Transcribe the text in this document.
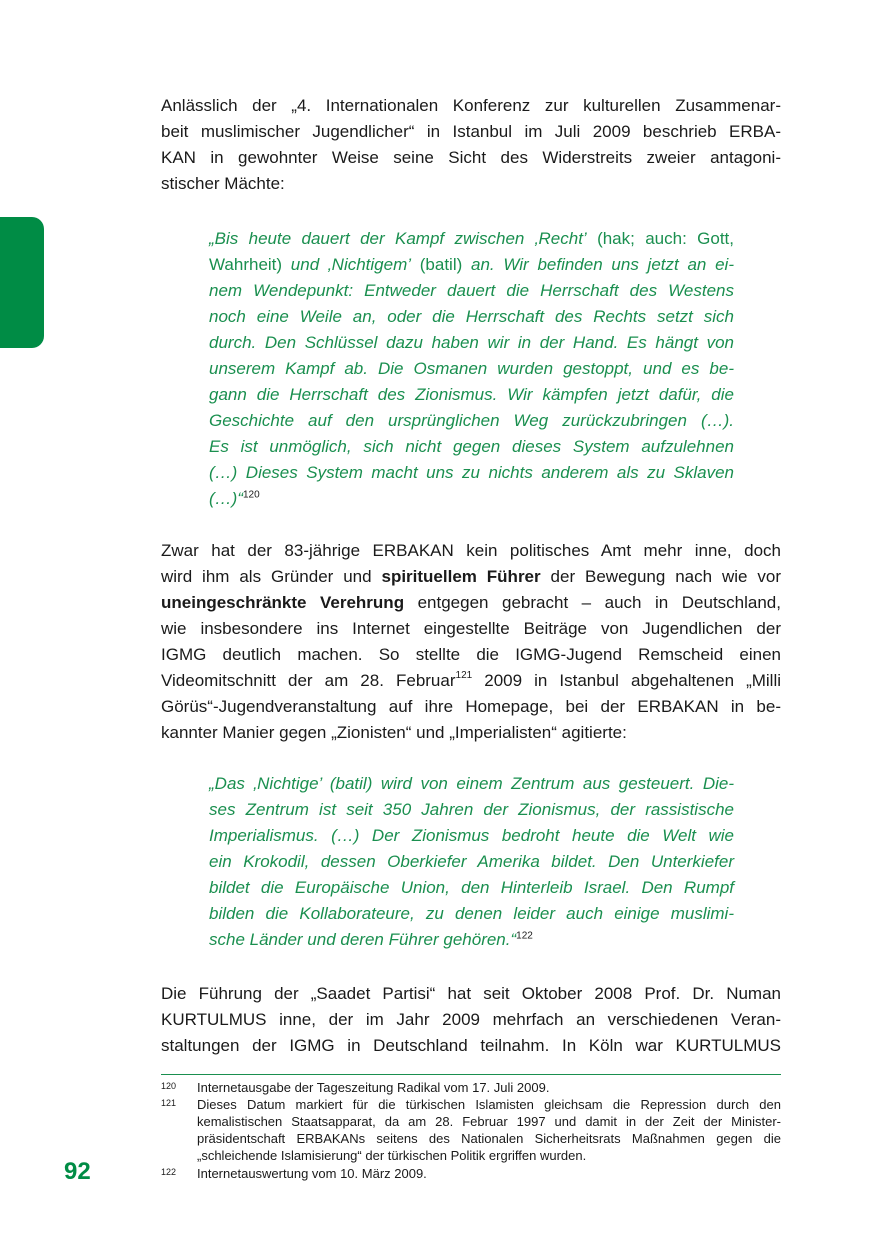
Anlässlich der „4. Internationalen Konferenz zur kulturellen Zusammenar-
beit muslimischer Jugendlicher“ in Istanbul im Juli 2009 beschrieb ERBA-
KAN in gewohnter Weise seine Sicht des Widerstreits zweier antagoni-
stischer Mächte:
„Bis heute dauert der Kampf zwischen ‚Recht’ (hak; auch: Gott,
Wahrheit) und ‚Nichtigem’ (batil) an. Wir befinden uns jetzt an ei-
nem Wendepunkt: Entweder dauert die Herrschaft des Westens
noch eine Weile an, oder die Herrschaft des Rechts setzt sich
durch. Den Schlüssel dazu haben wir in der Hand. Es hängt von
unserem Kampf ab. Die Osmanen wurden gestoppt, und es be-
gann die Herrschaft des Zionismus. Wir kämpfen jetzt dafür, die
Geschichte auf den ursprünglichen Weg zurückzubringen (…).
Es ist unmöglich, sich nicht gegen dieses System aufzulehnen
(…) Dieses System macht uns zu nichts anderem als zu Sklaven
(…)“$^{120}$
Zwar hat der 83-jährige ERBAKAN kein politisches Amt mehr inne, doch
wird ihm als Gründer und spirituellem Führer der Bewegung nach wie vor
uneingeschränkte Verehrung entgegen gebracht – auch in Deutschland,
wie insbesondere ins Internet eingestellte Beiträge von Jugendlichen der
IGMG deutlich machen. So stellte die IGMG-Jugend Remscheid einen
Videomitschnitt der am 28. Februar$^{121}$ 2009 in Istanbul abgehaltenen „Milli
Görüs“-Jugendveranstaltung auf ihre Homepage, bei der ERBAKAN in be-
kannter Manier gegen „Zionisten“ und „Imperialisten“ agitierte:
„Das ‚Nichtige’ (batil) wird von einem Zentrum aus gesteuert. Die-
ses Zentrum ist seit 350 Jahren der Zionismus, der rassistische
Imperialismus. (…) Der Zionismus bedroht heute die Welt wie
ein Krokodil, dessen Oberkiefer Amerika bildet. Den Unterkiefer
bildet die Europäische Union, den Hinterleib Israel. Den Rumpf
bilden die Kollaborateure, zu denen leider auch einige muslimi-
sche Länder und deren Führer gehören.“$^{122}$
Die Führung der „Saadet Partisi“ hat seit Oktober 2008 Prof. Dr. Numan
KURTULMUS inne, der im Jahr 2009 mehrfach an verschiedenen Veran-
staltungen der IGMG in Deutschland teilnahm. In Köln war KURTULMUS
120 Internetausgabe der Tageszeitung Radikal vom 17. Juli 2009.
121 Dieses Datum markiert für die türkischen Islamisten gleichsam die Repression durch den
kemalistischen Staatsapparat, da am 28. Februar 1997 und damit in der Zeit der Minister-
präsidentschaft ERBAKANs seitens des Nationalen Sicherheitsrats Maßnahmen gegen die
„schleichende Islamisierung“ der türkischen Politik ergriffen wurden.
122 Internetauswertung vom 10. März 2009.
92
